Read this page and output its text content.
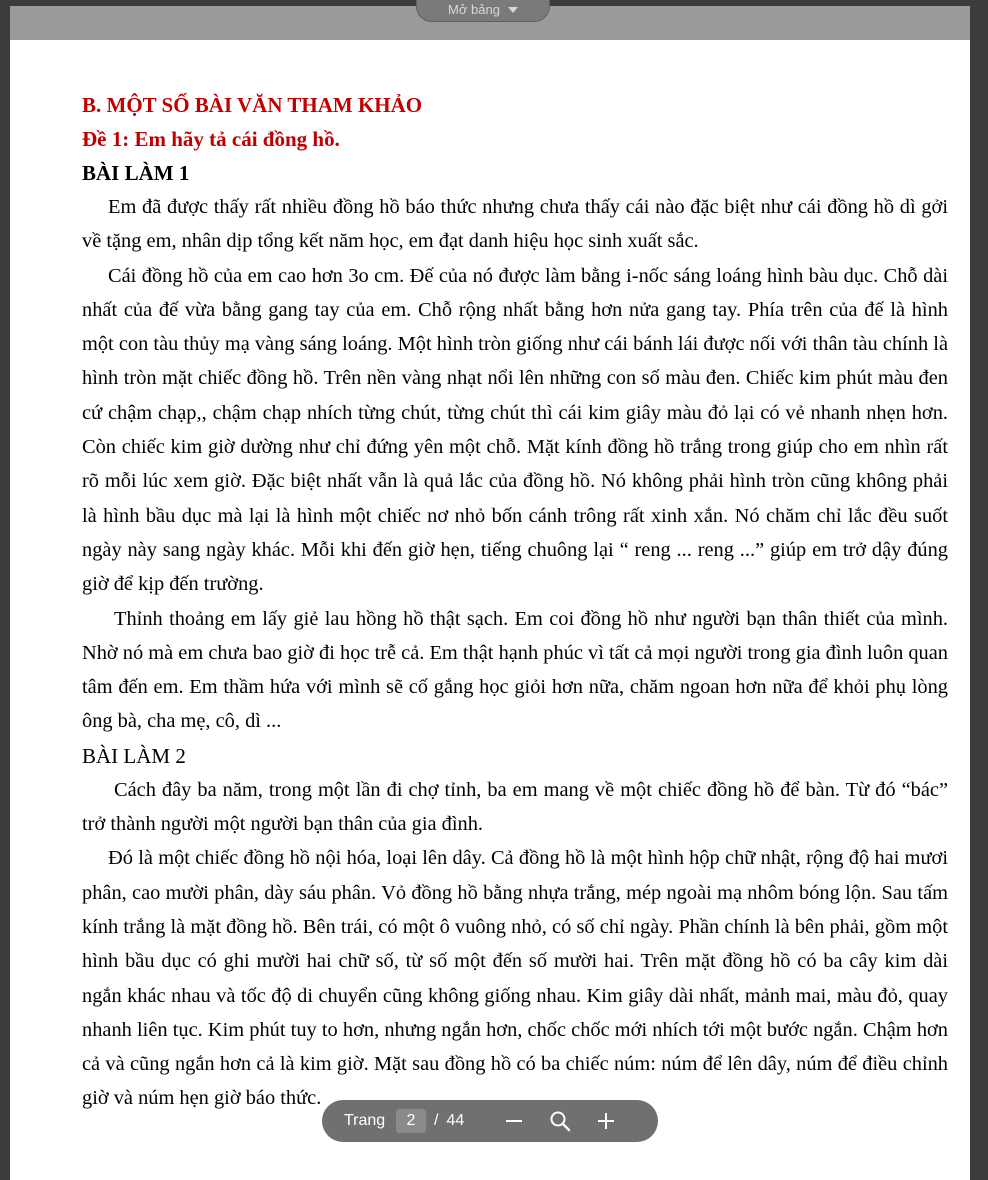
Mở bảng

B. MỘT SỐ BÀI VĂN THAM KHẢO

Đề 1: Em hãy tả cái đồng hồ.

BÀI LÀM 1

Em đã được thấy rất nhiều đồng hồ báo thức nhưng chưa thấy cái nào đặc biệt như cái đồng hồ dì gởi về tặng em, nhân dịp tổng kết năm học, em đạt danh hiệu học sinh xuất sắc.

Cái đồng hồ của em cao hơn 3o cm. Đế của nó được làm bằng i-nốc sáng loáng hình bàu dục. Chỗ dài nhất của đế vừa bằng gang tay của em. Chỗ rộng nhất bằng hơn nửa gang tay. Phía trên của đế là hình một con tàu thủy mạ vàng sáng loáng. Một hình tròn giống như cái bánh lái được nối với thân tàu chính là hình tròn mặt chiếc đồng hồ. Trên nền vàng nhạt nổi lên những con số màu đen. Chiếc kim phút màu đen cứ chậm chạp,, chậm chạp nhích từng chút, từng chút thì cái kim giây màu đỏ lại có vẻ nhanh nhẹn hơn. Còn chiếc kim giờ dường như chỉ đứng yên một chỗ. Mặt kính đồng hồ trắng trong giúp cho em nhìn rất rõ mỗi lúc xem giờ. Đặc biệt nhất vẫn là quả lắc của đồng hồ. Nó không phải hình tròn cũng không phải là hình bầu dục mà lại là hình một chiếc nơ nhỏ bốn cánh trông rất xinh xắn. Nó chăm chỉ lắc đều suốt ngày này sang ngày khác. Mỗi khi đến giờ hẹn, tiếng chuông lại “ reng ... reng ...” giúp em trở dậy đúng giờ để kịp đến trường.

Thỉnh thoảng em lấy giẻ lau hồng hồ thật sạch. Em coi đồng hồ như người bạn thân thiết của mình. Nhờ nó mà em chưa bao giờ đi học trễ cả. Em thật hạnh phúc vì tất cả mọi người trong gia đình luôn quan tâm đến em. Em thầm hứa với mình sẽ cố gắng học giỏi hơn nữa, chăm ngoan hơn nữa để khỏi phụ lòng ông bà, cha mẹ, cô, dì ...

BÀI LÀM 2

Cách đây ba năm, trong một lần đi chợ tỉnh, ba em mang về một chiếc đồng hồ để bàn. Từ đó “bác” trở thành người một người bạn thân của gia đình.

Đó là một chiếc đồng hồ nội hóa, loại lên dây. Cả đồng hồ là một hình hộp chữ nhật, rộng độ hai mươi phân, cao mười phân, dày sáu phân. Vỏ đồng hồ bằng nhựa trắng, mép ngoài mạ nhôm bóng lộn. Sau tấm kính trắng là mặt đồng hồ. Bên trái, có một ô vuông nhỏ, có số chỉ ngày. Phần chính là bên phải, gồm một hình bầu dục có ghi mười hai chữ số, từ số một đến số mười hai. Trên mặt đồng hồ có ba cây kim dài ngắn khác nhau và tốc độ di chuyển cũng không giống nhau. Kim giây dài nhất, mảnh mai, màu đỏ, quay nhanh liên tục. Kim phút tuy to hơn, nhưng ngắn hơn, chốc chốc mới nhích tới một bước ngắn. Chậm hơn cả và cũng ngắn hơn cả là kim giờ. Mặt sau đồng hồ có ba chiếc núm: núm để lên dây, núm để điều chỉnh giờ và núm hẹn giờ báo thức.

Trang	2	/ 44
